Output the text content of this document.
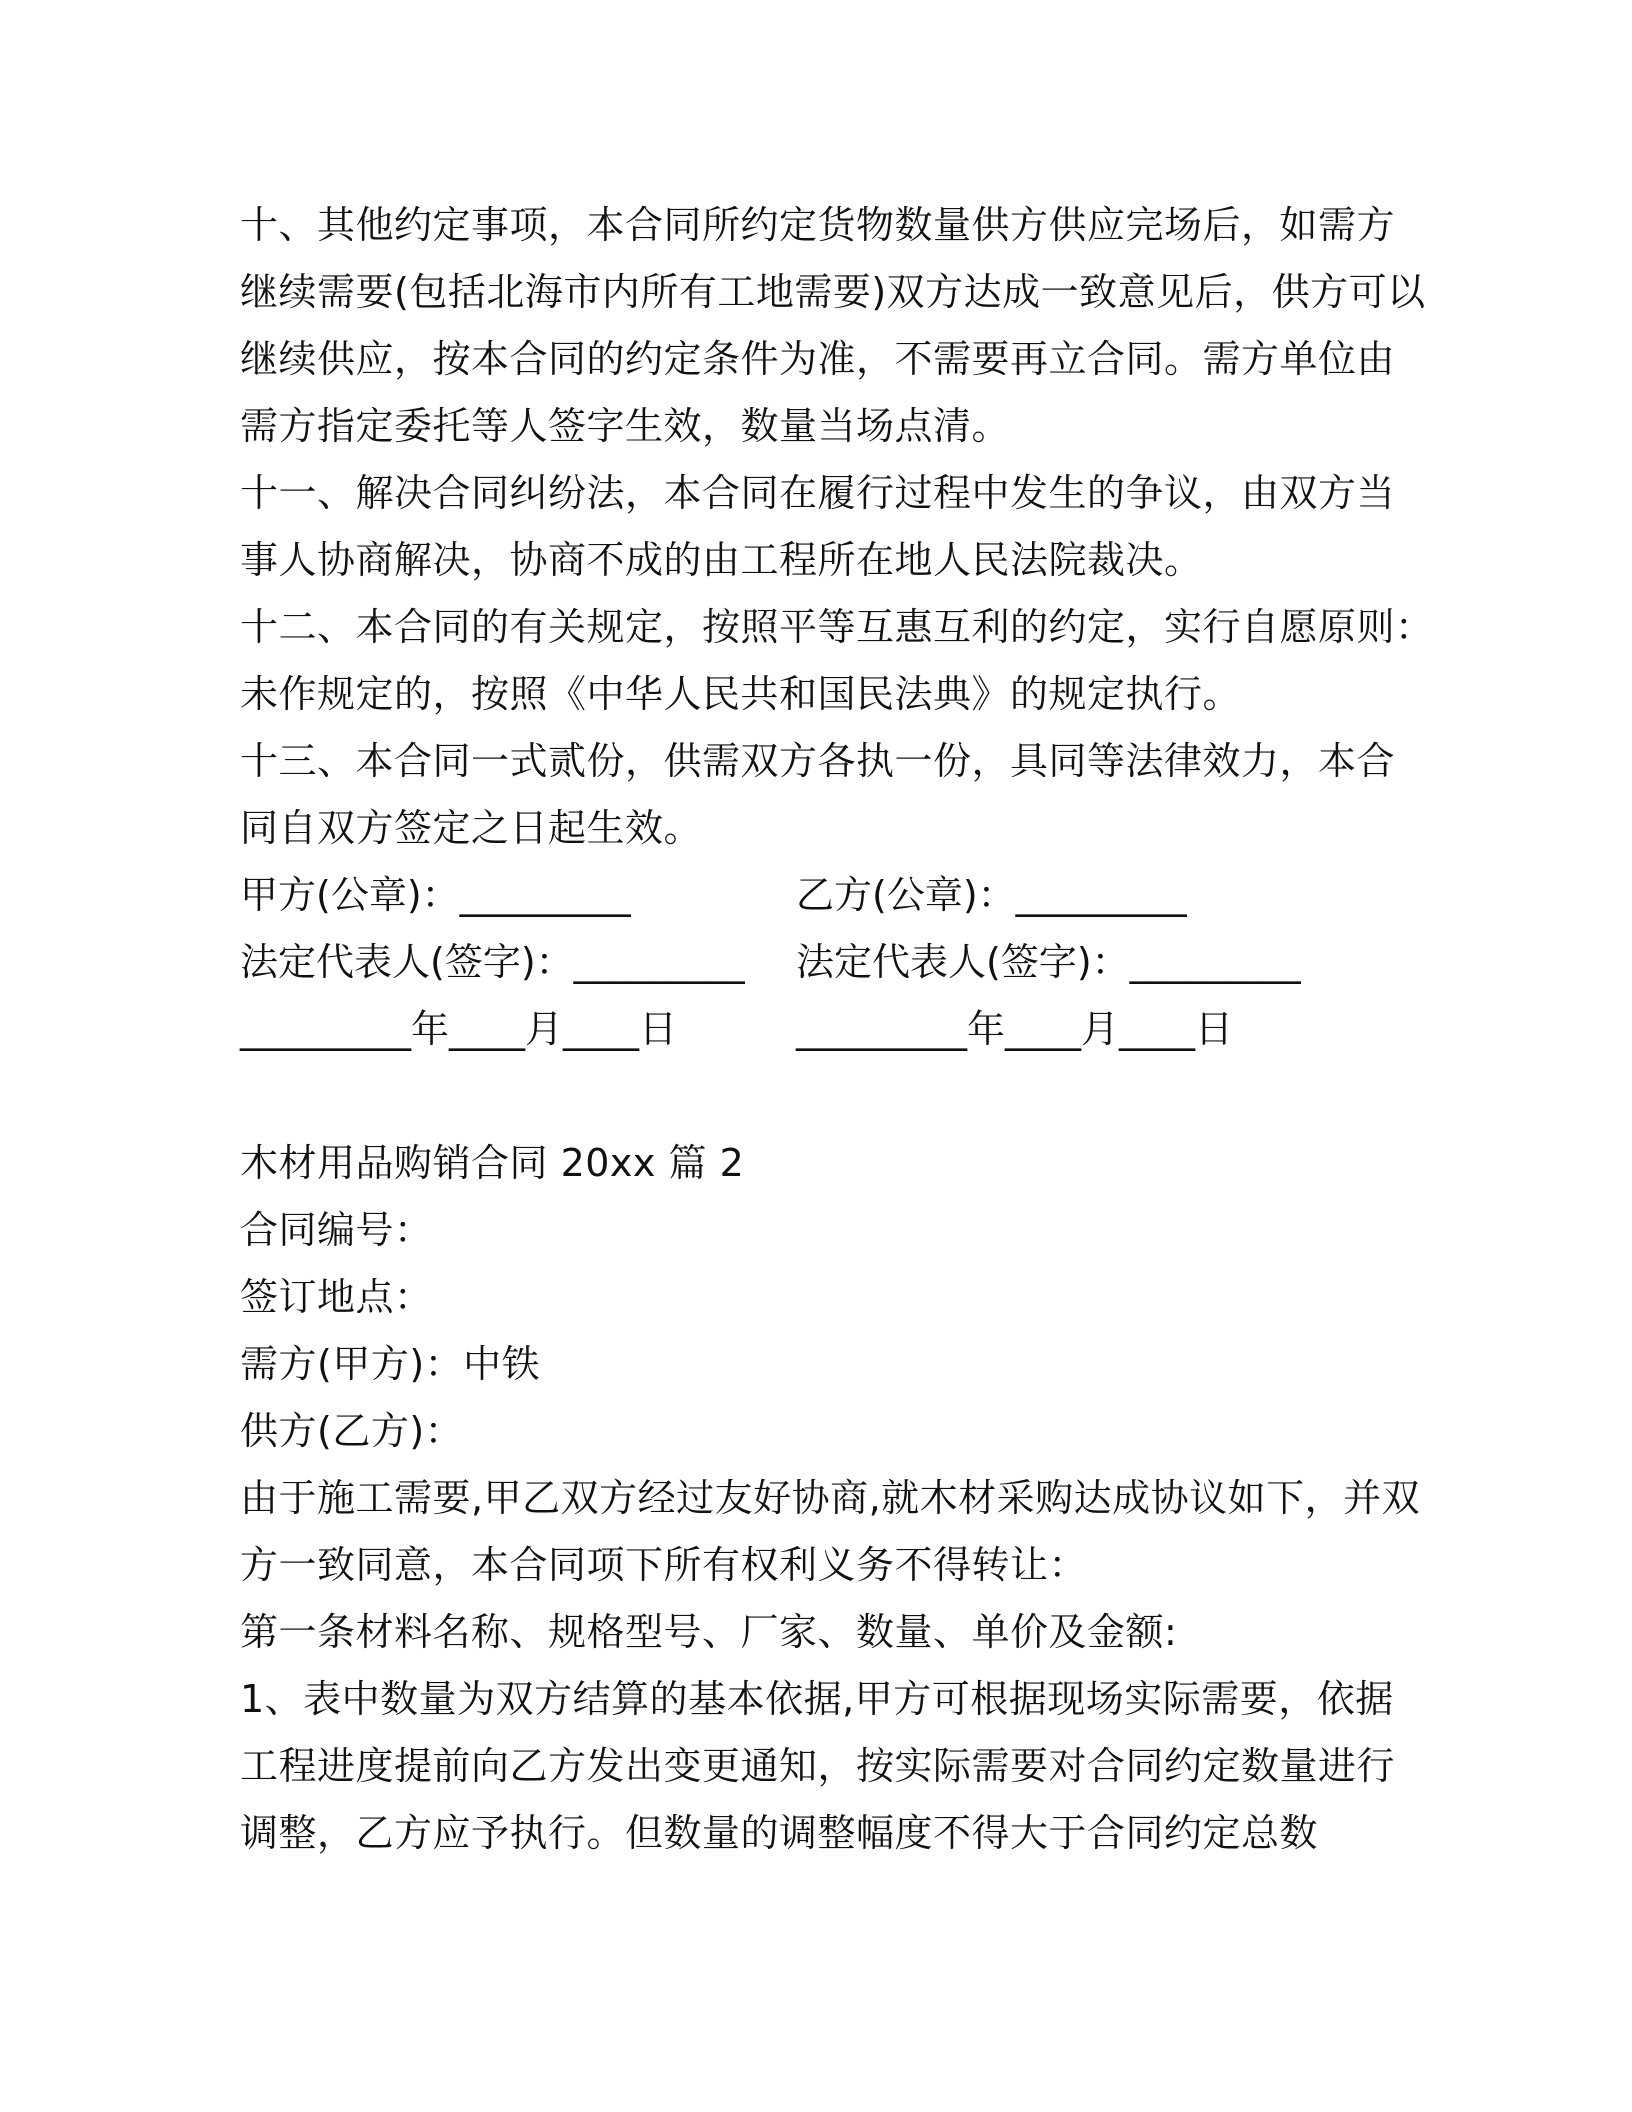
十、其他约定事项，本合同所约定货物数量供方供应完场后，如需方

继续需要(包括北海市内所有工地需要)双方达成一致意见后，供方可以

继续供应，按本合同的约定条件为准，不需要再立合同。需方单位由

需方指定委托等人签字生效，数量当场点清。

十一、解决合同纠纷法，本合同在履行过程中发生的争议，由双方当

事人协商解决，协商不成的由工程所在地人民法院裁决。

十二、本合同的有关规定，按照平等互惠互利的约定，实行自愿原则：

未作规定的，按照《中华人民共和国民法典》的规定执行。

十三、本合同一式贰份，供需双方各执一份，具同等法律效力，本合

同自双方签定之日起生效。

甲方(公章)：_________	乙方(公章)：_________
法定代表人(签字)：_________ 法定代表人(签字)：_________
_________年____月____日	_________年____月____日

木材用品购销合同 20xx 篇 2

合同编号：

签订地点：

需方(甲方)：中铁

供方(乙方)：

由于施工需要,甲乙双方经过友好协商,就木材采购达成协议如下，并双

方一致同意，本合同项下所有权利义务不得转让：

第一条材料名称、规格型号、厂家、数量、单价及金额:

1、表中数量为双方结算的基本依据,甲方可根据现场实际需要，依据

工程进度提前向乙方发出变更通知，按实际需要对合同约定数量进行

调整，乙方应予执行。但数量的调整幅度不得大于合同约定总数
